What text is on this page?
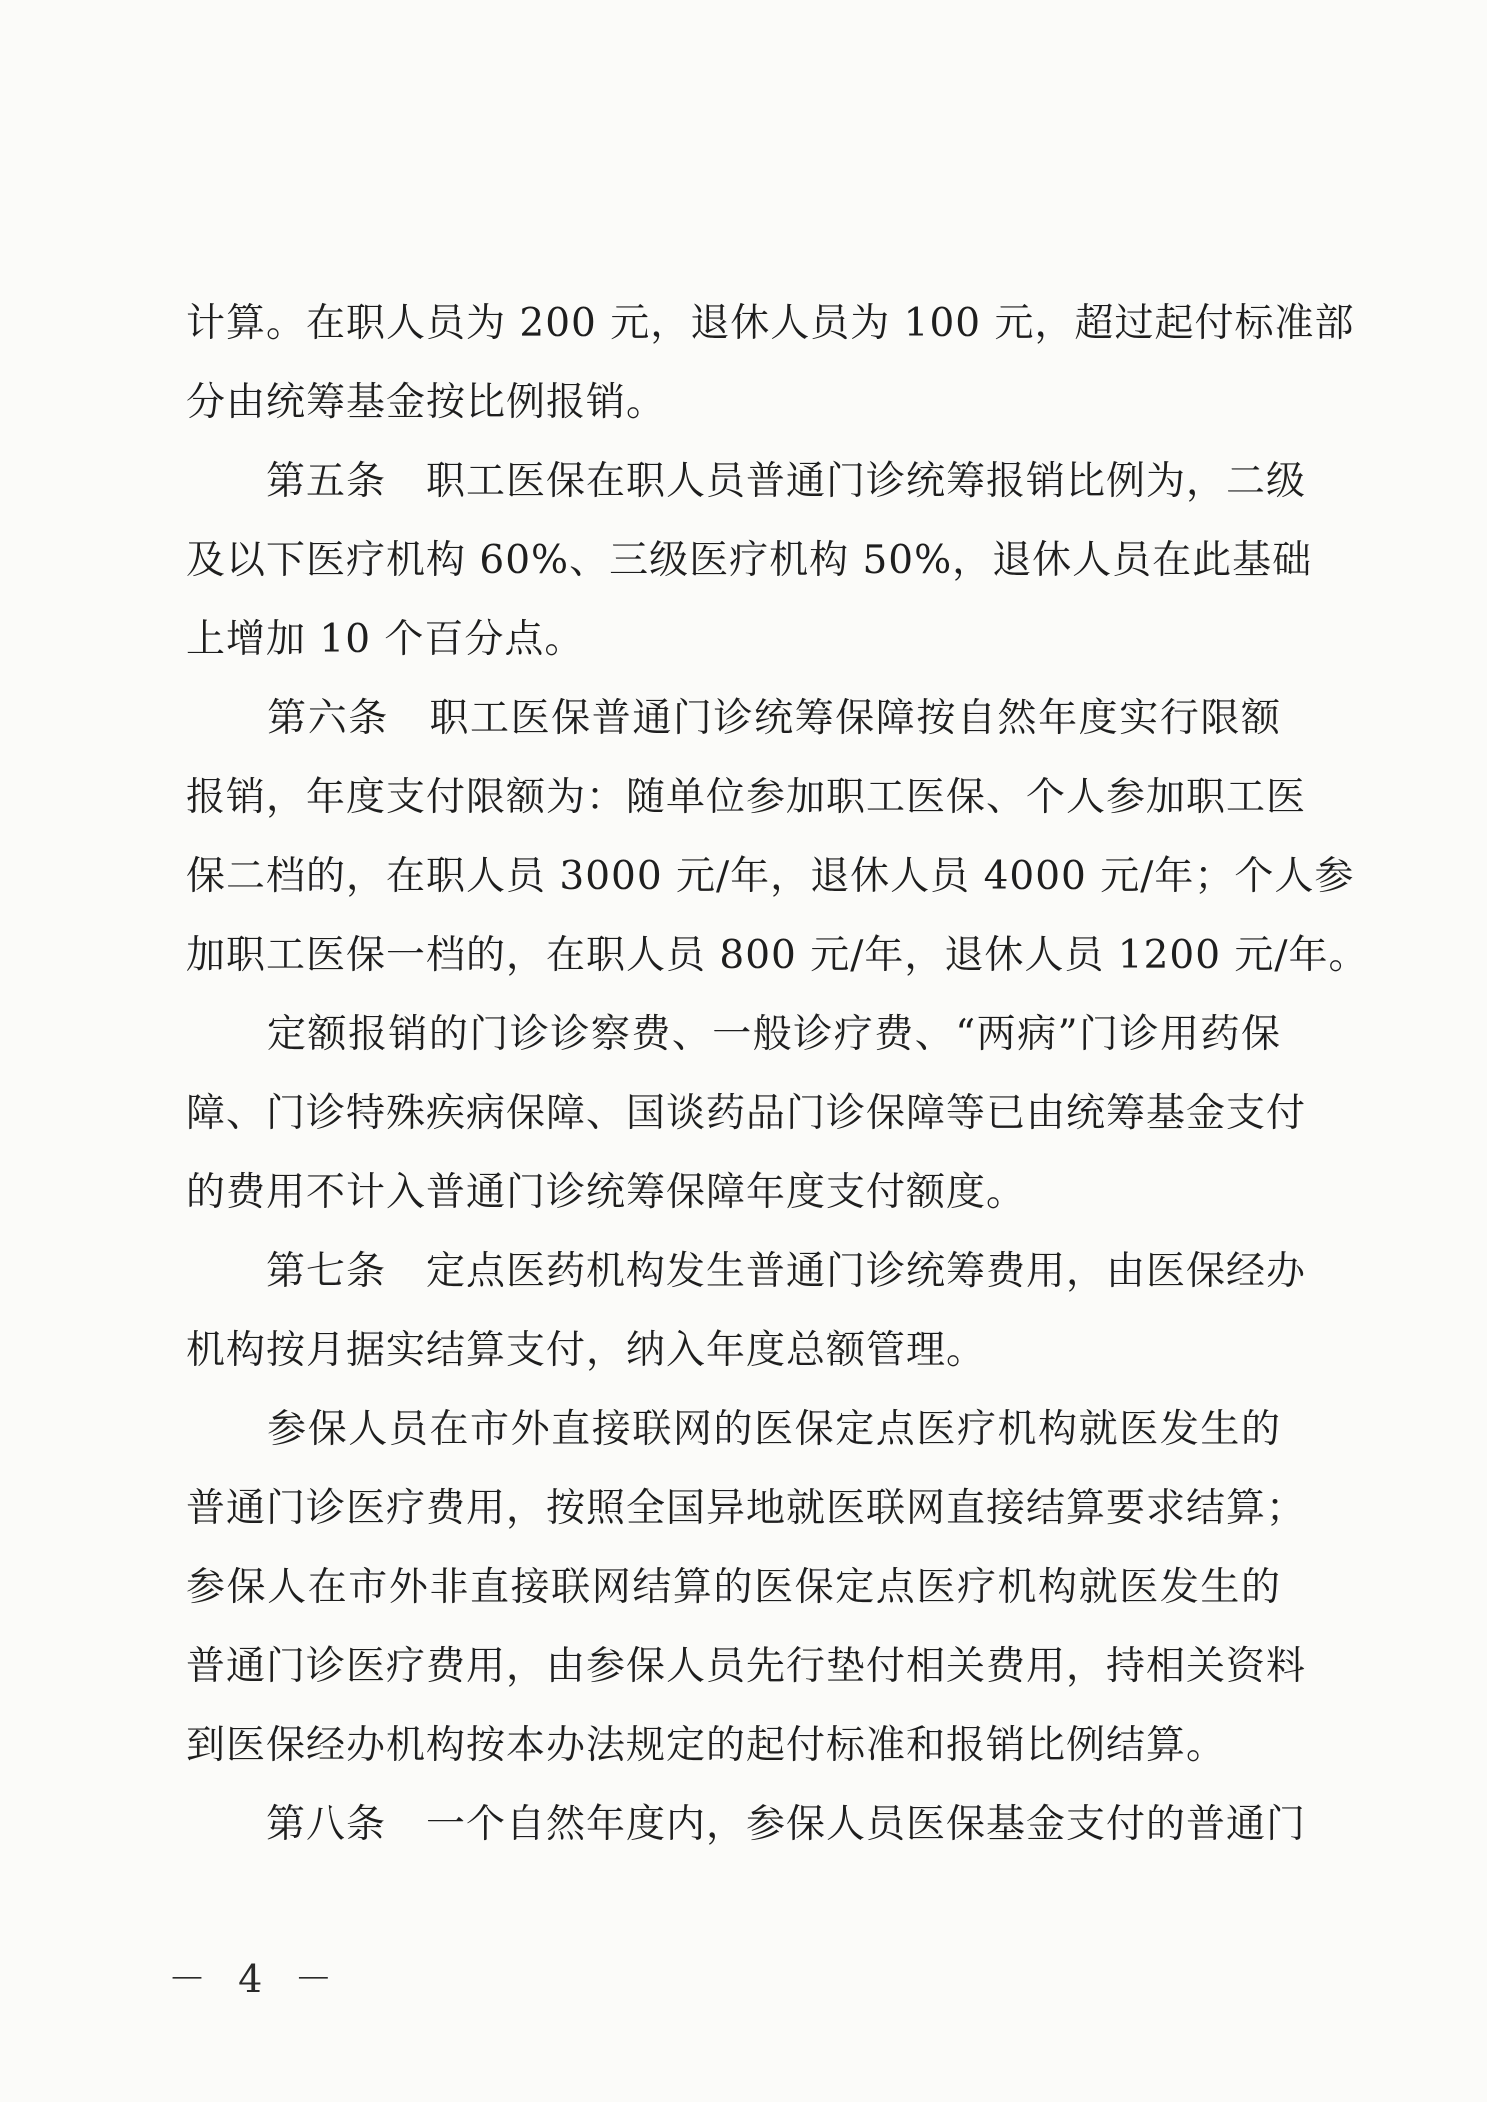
计算。在职人员为 200 元，退休人员为 100 元，超过起付标准部
分由统筹基金按比例报销。
　　第五条　职工医保在职人员普通门诊统筹报销比例为，二级
及以下医疗机构 60%、三级医疗机构 50%，退休人员在此基础
上增加 10 个百分点。
　　第六条　职工医保普通门诊统筹保障按自然年度实行限额
报销，年度支付限额为：随单位参加职工医保、个人参加职工医
保二档的，在职人员 3000 元/年，退休人员 4000 元/年；个人参
加职工医保一档的，在职人员 800 元/年，退休人员 1200 元/年。
　　定额报销的门诊诊察费、一般诊疗费、“两病”门诊用药保
障、门诊特殊疾病保障、国谈药品门诊保障等已由统筹基金支付
的费用不计入普通门诊统筹保障年度支付额度。
　　第七条　定点医药机构发生普通门诊统筹费用，由医保经办
机构按月据实结算支付，纳入年度总额管理。
　　参保人员在市外直接联网的医保定点医疗机构就医发生的
普通门诊医疗费用，按照全国异地就医联网直接结算要求结算；
参保人在市外非直接联网结算的医保定点医疗机构就医发生的
普通门诊医疗费用，由参保人员先行垫付相关费用，持相关资料
到医保经办机构按本办法规定的起付标准和报销比例结算。
　　第八条　一个自然年度内，参保人员医保基金支付的普通门
－ 4 －
